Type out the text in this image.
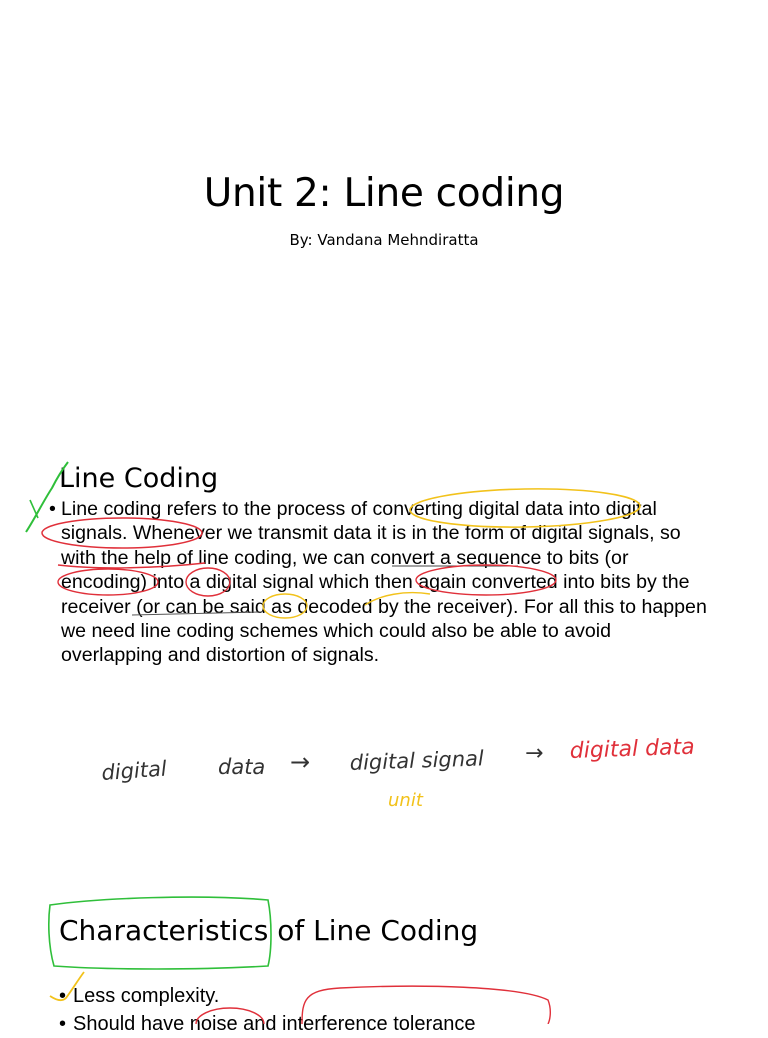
Unit 2: Line coding
By: Vandana Mehndiratta
Line Coding

• Line coding refers to the process of converting digital data into digital signals. Whenever we transmit data it is in the form of digital signals, so with the help of line coding, we can convert a sequence to bits (or encoding) into a digital signal which then again converted into bits by the receiver (or can be said as decoded by the receiver). For all this to happen we need line coding schemes which could also be able to avoid overlapping and distortion of signals.

Characteristics of Line Coding
• Less complexity.
• Should have noise and interference tolerance
digital data → digital signal → digital data
unit
